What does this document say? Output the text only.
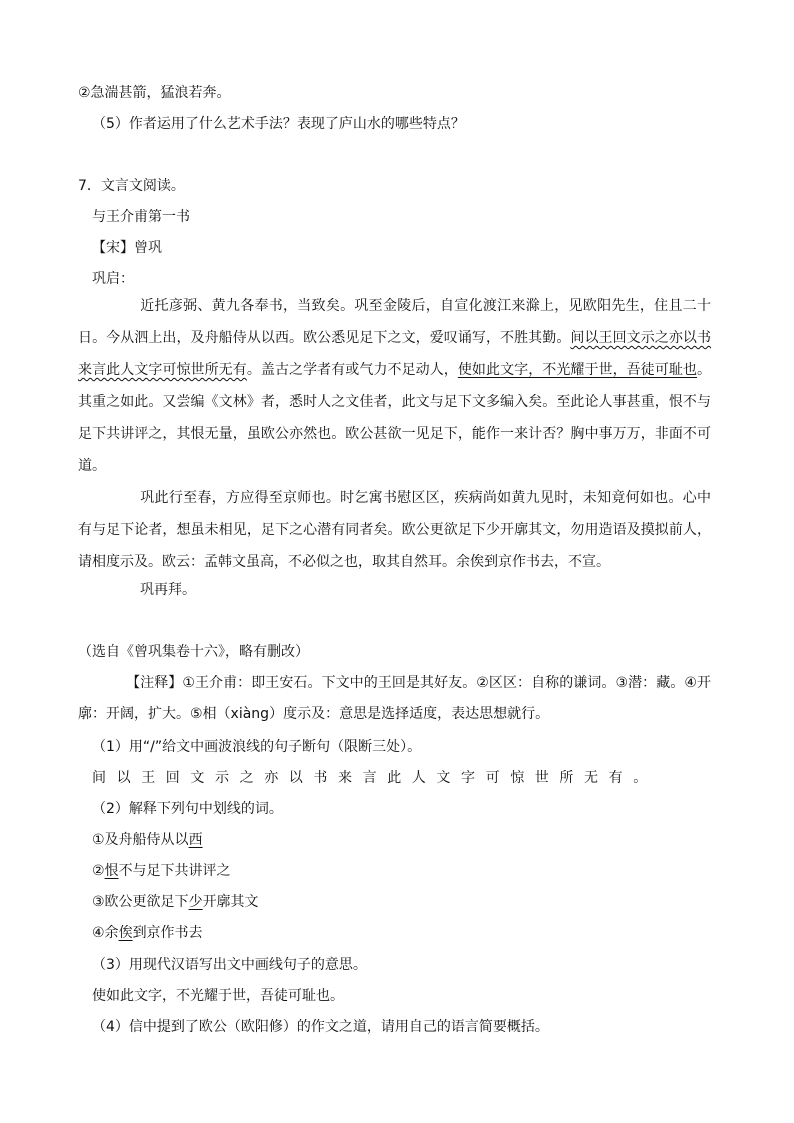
②急湍甚箭，猛浪若奔。
（5）作者运用了什么艺术手法？表现了庐山水的哪些特点？
7．文言文阅读。
与王介甫第一书
【宋】曾巩
巩启：
近托彦弼、黄九各奉书，当致矣。巩至金陵后，自宣化渡江来滁上，见欧阳先生，住且二十日。今从泗上出，及舟船侍从以西。欧公悉见足下之文，爱叹诵写，不胜其勤。间以王回文示之亦以书来言此人文字可惊世所无有。盖古之学者有或气力不足动人，使如此文字，不光耀于世，吾徒可耻也。其重之如此。又尝编《文林》者，悉时人之文佳者，此文与足下文多编入矣。至此论人事甚重，恨不与足下共讲评之，其恨无量，虽欧公亦然也。欧公甚欲一见足下，能作一来计否？胸中事万万，非面不可道。
巩此行至春，方应得至京师也。时乞寓书慰区区，疾病尚如黄九见时，未知竟何如也。心中有与足下论者，想虽未相见，足下之心潜有同者矣。欧公更欲足下少开廓其文，勿用造语及摸拟前人，请相度示及。欧云：孟韩文虽高，不必似之也，取其自然耳。余俟到京作书去，不宣。
巩再拜。
（选自《曾巩集卷十六》，略有删改）
【注释】①王介甫：即王安石。下文中的王回是其好友。②区区：自称的谦词。③潜：藏。④开廓：开阔，扩大。⑤相（xiàng）度示及：意思是选择适度，表达思想就行。
（1）用“/”给文中画波浪线的句子断句（限断三处）。
间以王回文示之亦以书来言此人文字可惊世所无有。
（2）解释下列句中划线的词。
①及舟船侍从以西
②恨不与足下共讲评之
③欧公更欲足下少开廓其文
④余俟到京作书去
（3）用现代汉语写出文中画线句子的意思。
使如此文字，不光耀于世，吾徒可耻也。
（4）信中提到了欧公（欧阳修）的作文之道，请用自己的语言简要概括。
